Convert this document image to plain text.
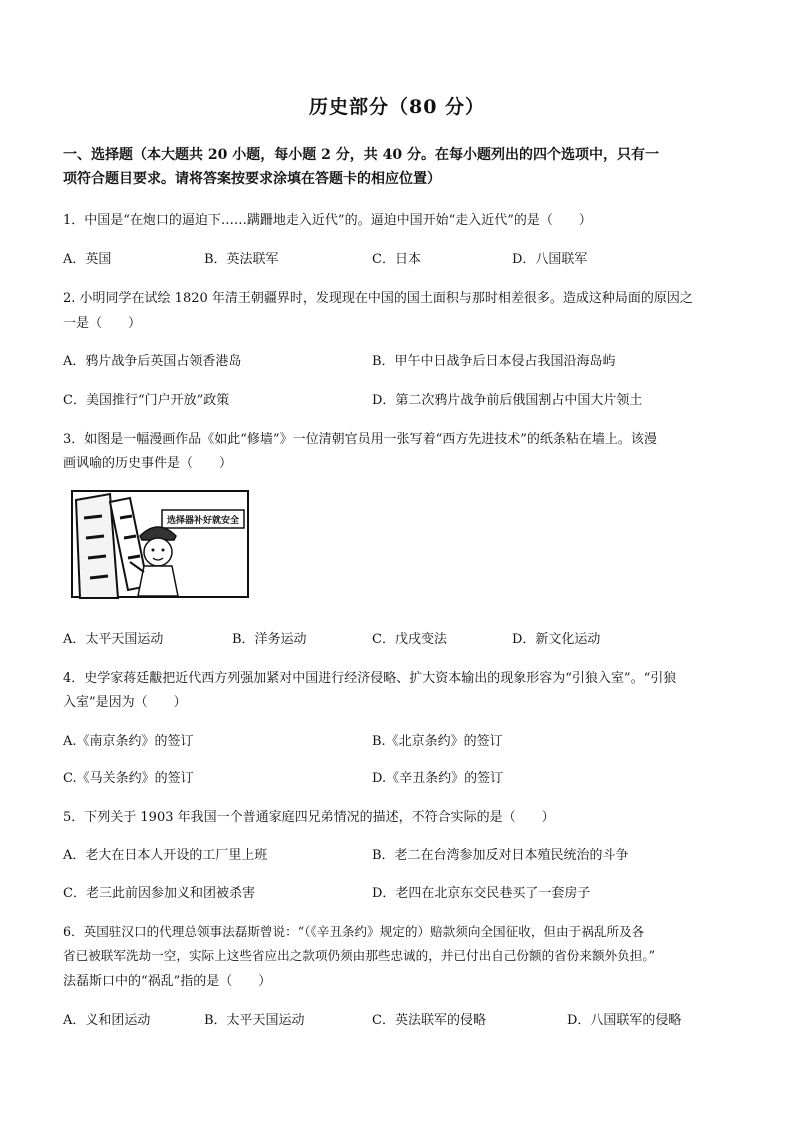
历史部分（80 分）
一、选择题（本大题共 20 小题，每小题 2 分，共 40 分。在每小题列出的四个选项中，只有一
项符合题目要求。请将答案按要求涂填在答题卡的相应位置）
1．中国是“在炮口的逼迫下……蹒跚地走入近代”的。逼迫中国开始“走入近代”的是（　　）
A．英国	B．英法联军	C．日本	D．八国联军
2. 小明同学在试绘 1820 年清王朝疆界时，发现现在中国的国土面积与那时相差很多。造成这种局面的原因之
一是（　　）
A．鸦片战争后英国占领香港岛	B．甲午中日战争后日本侵占我国沿海岛屿
C．美国推行“门户开放”政策	D．第二次鸦片战争前后俄国割占中国大片领土
3．如图是一幅漫画作品《如此“修墙”》一位清朝官员用一张写着“西方先进技术”的纸条粘在墙上。该漫
画讽喻的历史事件是（　　）
选择器补好就安全
A．太平天国运动	B．洋务运动	C．戊戌变法	D．新文化运动
4．史学家蒋廷黻把近代西方列强加紧对中国进行经济侵略、扩大资本输出的现象形容为“引狼入室”。“引狼
入室”是因为（　　）
A.《南京条约》的签订	B.《北京条约》的签订
C.《马关条约》的签订	D.《辛丑条约》的签订
5．下列关于 1903 年我国一个普通家庭四兄弟情况的描述，不符合实际的是（　　）
A．老大在日本人开设的工厂里上班	B．老二在台湾参加反对日本殖民统治的斗争
C．老三此前因参加义和团被杀害	D．老四在北京东交民巷买了一套房子
6．英国驻汉口的代理总领事法磊斯曾说：“（《辛丑条约》规定的）赔款须向全国征收，但由于祸乱所及各
省已被联军洗劫一空，实际上这些省应出之款项仍须由那些忠诚的，并已付出自己份额的省份来额外负担。”
法磊斯口中的“祸乱”指的是（　　）
A．义和团运动	B．太平天国运动	C．英法联军的侵略	D．八国联军的侵略
